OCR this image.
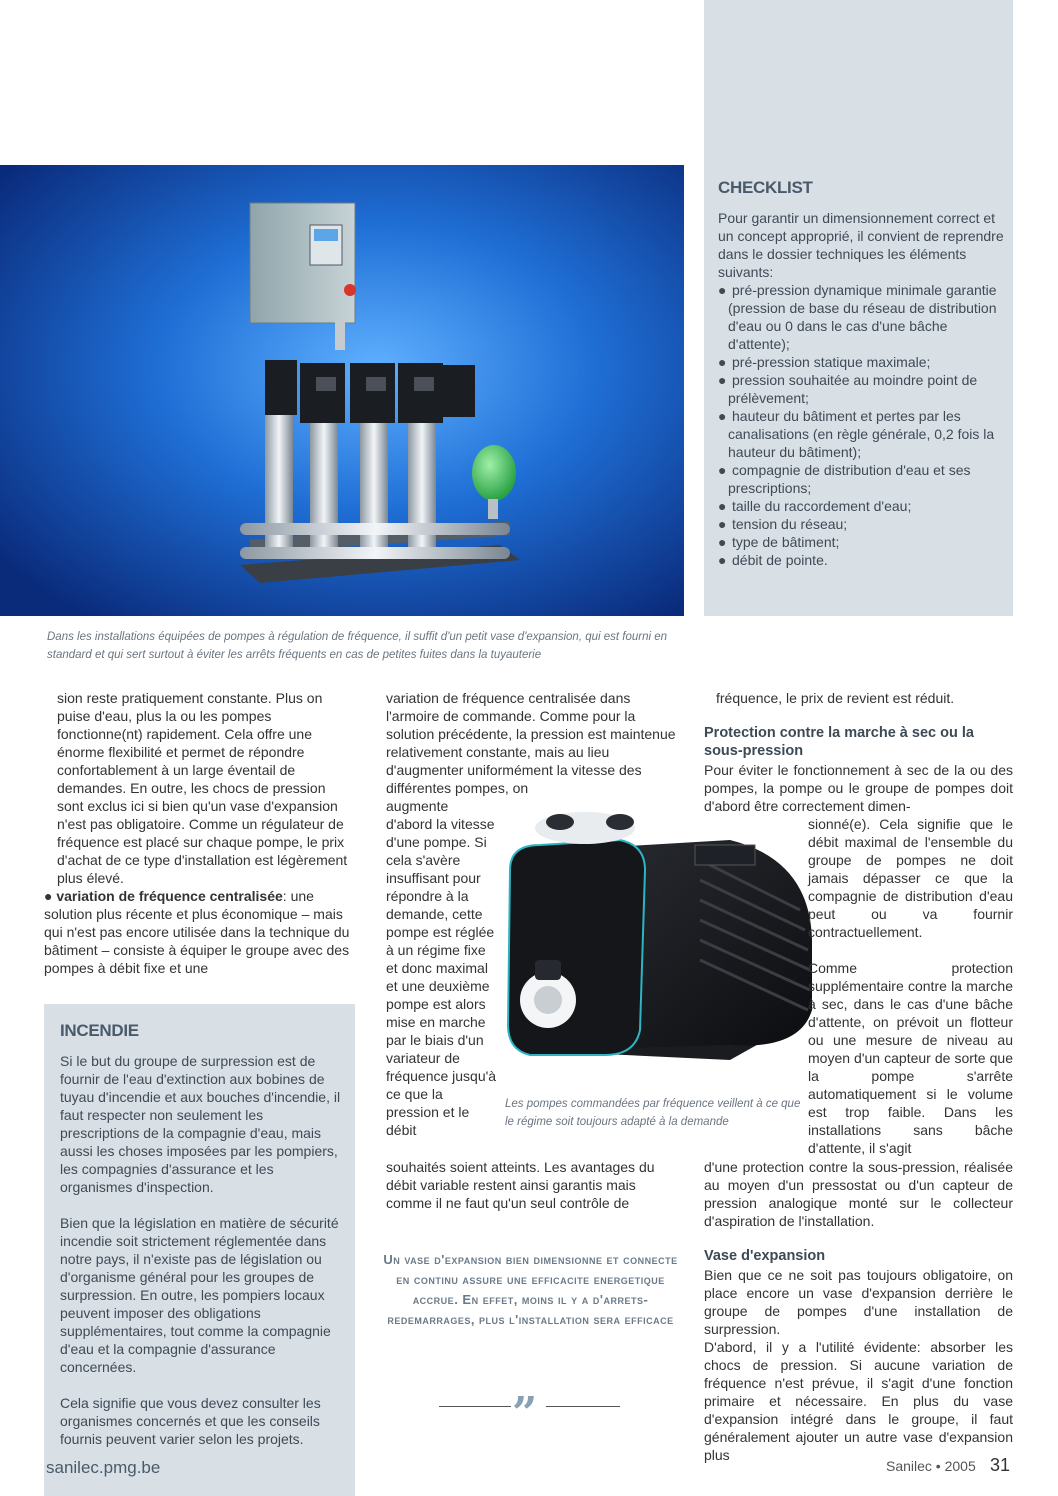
CHECKLIST
Pour garantir un dimensionnement correct et un concept approprié, il convient de reprendre dans le dossier techniques les éléments suivants:
● pré-pression dynamique minimale garantie (pression de base du réseau de distribution d'eau ou 0 dans le cas d'une bâche d'attente);
● pré-pression statique maximale;
● pression souhaitée au moindre point de prélèvement;
● hauteur du bâtiment et pertes par les canalisations (en règle générale, 0,2 fois la hauteur du bâtiment);
● compagnie de distribution d'eau et ses prescriptions;
● taille du raccordement d'eau;
● tension du réseau;
● type de bâtiment;
● débit de pointe.
Dans les installations équipées de pompes à régulation de fréquence, il suffit d'un petit vase d'expansion, qui est fourni en standard et qui sert surtout à éviter les arrêts fréquents en cas de petites fuites dans la tuyauterie

sion reste pratiquement constante. Plus on puise d'eau, plus la ou les pompes fonctionne(nt) rapidement. Cela offre une énorme flexibilité et permet de répondre confortablement à un large éventail de demandes. En outre, les chocs de pression sont exclus ici si bien qu'un vase d'expansion n'est pas obligatoire. Comme un régulateur de fréquence est placé sur chaque pompe, le prix d'achat de ce type d'installation est légèrement plus élevé.

● variation de fréquence centralisée: une solution plus récente et plus économique – mais qui n'est pas encore utilisée dans la technique du bâtiment – consiste à équiper le groupe avec des pompes à débit fixe et une

INCENDIE

Si le but du groupe de surpression est de fournir de l'eau d'extinction aux bobines de tuyau d'incendie et aux bouches d'incendie, il faut respecter non seulement les prescriptions de la compagnie d'eau, mais aussi les choses imposées par les pompiers, les compagnies d'assurance et les organismes d'inspection.

Bien que la législation en matière de sécurité incendie soit strictement réglementée dans notre pays, il n'existe pas de législation ou d'organisme général pour les groupes de surpression. En outre, les pompiers locaux peuvent imposer des obligations supplémentaires, tout comme la compagnie d'eau et la compagnie d'assurance concernées.

Cela signifie que vous devez consulter les organismes concernés et que les conseils fournis peuvent varier selon les projets.

variation de fréquence centralisée dans l'armoire de commande. Comme pour la solution précédente, la pression est maintenue relativement constante, mais au lieu d'augmenter uniformément la vitesse des différentes pompes, on
augmente d'abord la vitesse d'une pompe. Si cela s'avère insuffisant pour répondre à la demande, cette pompe est réglée à un régime fixe et donc maximal et une deuxième pompe est alors mise en marche par le biais d'un variateur de fréquence jusqu'à ce que la pression et le débit
souhaités soient atteints. Les avantages du débit variable restent ainsi garantis mais comme il ne faut qu'un seul contrôle de
Les pompes commandées par fréquence veillent à ce que le régime soit toujours adapté à la demande
Un vase d'expansion bien dimensionne et connecte en continu assure une efficacite energetique accrue. En effet, moins il y a d'arrets-redemarrages, plus l'installation sera efficace
”
fréquence, le prix de revient est réduit.
Protection contre la marche à sec ou la sous-pression
Pour éviter le fonctionnement à sec de la ou des pompes, la pompe ou le groupe de pompes doit d'abord être correctement dimen-
sionné(e). Cela signifie que le débit maximal de l'ensemble du groupe de pompes ne doit jamais dépasser ce que la compagnie de distribution d'eau peut ou va fournir contractuellement.
Comme protection supplémentaire contre la marche à sec, dans le cas d'une bâche d'attente, on prévoit un flotteur ou une mesure de niveau au moyen d'un capteur de sorte que la pompe s'arrête automatiquement si le volume est trop faible. Dans les installations sans bâche d'attente, il s'agit
d'une protection contre la sous-pression, réalisée au moyen d'un pressostat ou d'un capteur de pression analogique monté sur le collecteur d'aspiration de l'installation.
Vase d'expansion
Bien que ce ne soit pas toujours obligatoire, on place encore un vase d'expansion derrière le groupe de pompes d'une installation de surpression.
D'abord, il y a l'utilité évidente: absorber les chocs de pression. Si aucune variation de fréquence n'est prévue, il s'agit d'une fonction primaire et nécessaire. En plus du vase d'expansion intégré dans le groupe, il faut généralement ajouter un autre vase d'expansion plus
sanilec.pmg.be	Sanilec • 2005 31
